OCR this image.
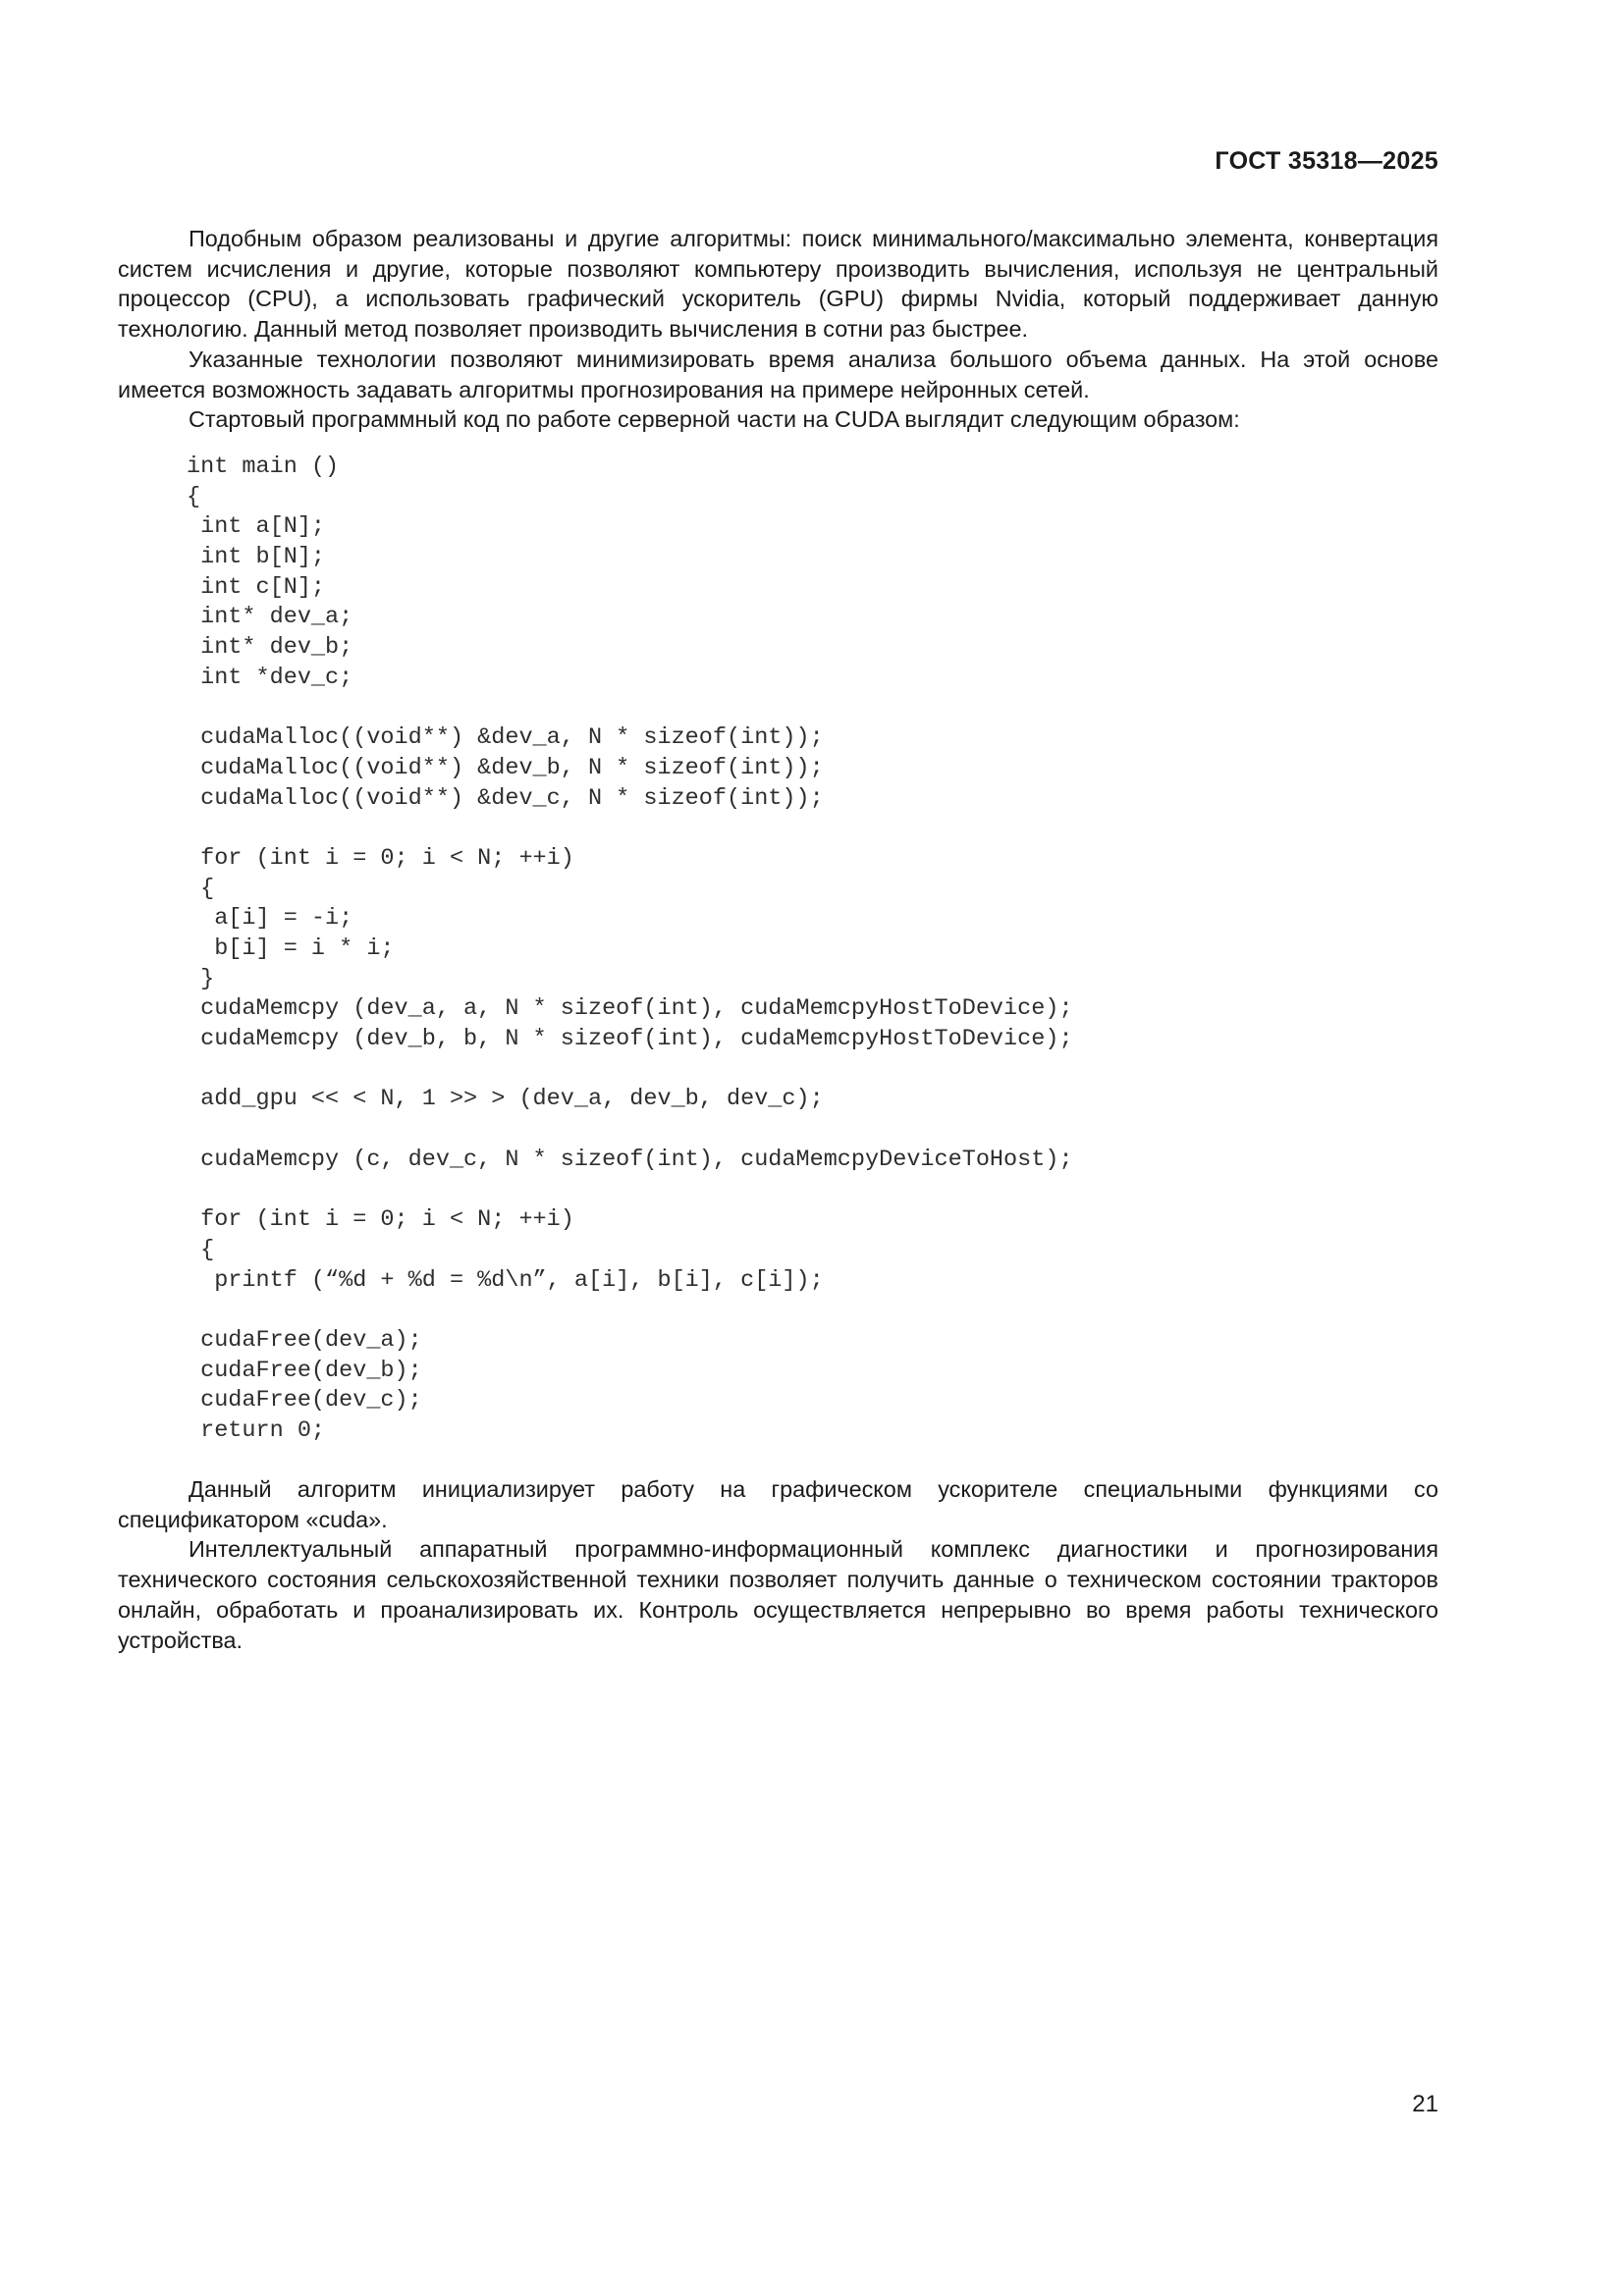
ГОСТ 35318—2025

Подобным образом реализованы и другие алгоритмы: поиск минимального/максимально элемента, конвертация систем исчисления и другие, которые позволяют компьютеру производить вычисления, используя не центральный процессор (CPU), а использовать графический ускоритель (GPU) фирмы Nvidia, который поддерживает данную технологию. Данный метод позволяет производить вычисления в сотни раз быстрее.

Указанные технологии позволяют минимизировать время анализа большого объема данных. На этой основе имеется возможность задавать алгоритмы прогнозирования на примере нейронных сетей.

Стартовый программный код по работе серверной части на CUDA выглядит следующим образом:

int main ()
{
int a[N];
int b[N];
int c[N];
int* dev_a;
int* dev_b;
int *dev_c;
cudaMalloc((void**) &dev_a, N * sizeof(int));
cudaMalloc((void**) &dev_b, N * sizeof(int));
cudaMalloc((void**) &dev_c, N * sizeof(int));
for (int i = 0; i < N; ++i)
{
a[i] = -i;
b[i] = i * i;
}
cudaMemcpy (dev_a, a, N * sizeof(int), cudaMemcpyHostToDevice);
cudaMemcpy (dev_b, b, N * sizeof(int), cudaMemcpyHostToDevice);
add_gpu << < N, 1 >> > (dev_a, dev_b, dev_c);
cudaMemcpy (c, dev_c, N * sizeof(int), cudaMemcpyDeviceToHost);
for (int i = 0; i < N; ++i)
{
printf (“%d + %d = %d\n”, a[i], b[i], c[i]);
cudaFree(dev_a);
cudaFree(dev_b);
cudaFree(dev_c);
return 0;

Данный алгоритм инициализирует работу на графическом ускорителе специальными функциями со спецификатором «cuda».

Интеллектуальный аппаратный программно-информационный комплекс диагностики и прогнозирования технического состояния сельскохозяйственной техники позволяет получить данные о техническом состоянии тракторов онлайн, обработать и проанализировать их. Контроль осуществляется непрерывно во время работы технического устройства.

21
